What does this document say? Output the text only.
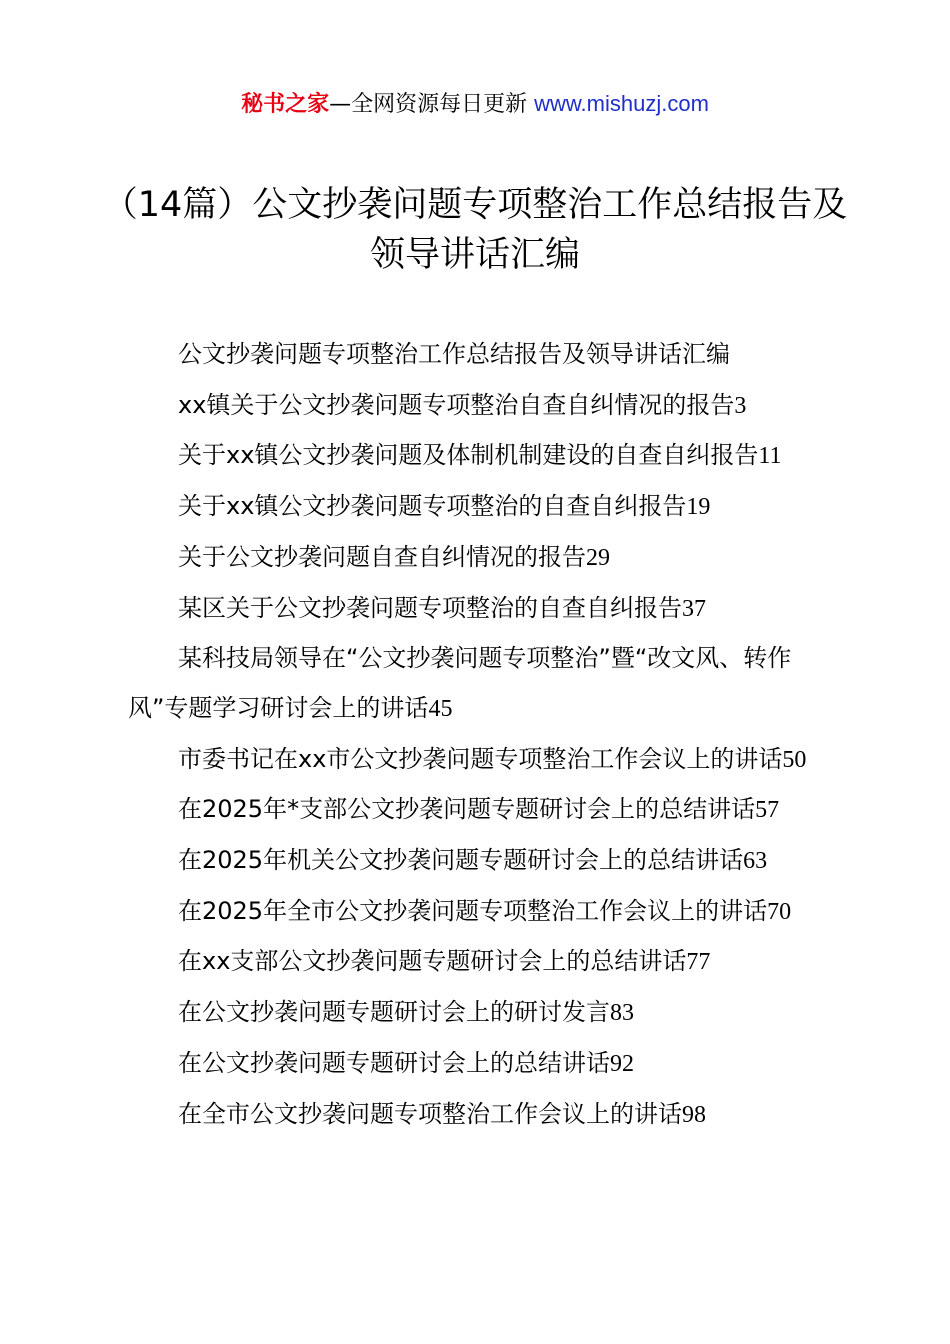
秘书之家—全网资源每日更新 www.mishuzj.com
（14篇）公文抄袭问题专项整治工作总结报告及领导讲话汇编
公文抄袭问题专项整治工作总结报告及领导讲话汇编
xx镇关于公文抄袭问题专项整治自查自纠情况的报告3
关于xx镇公文抄袭问题及体制机制建设的自查自纠报告11
关于xx镇公文抄袭问题专项整治的自查自纠报告19
关于公文抄袭问题自查自纠情况的报告29
某区关于公文抄袭问题专项整治的自查自纠报告37
某科技局领导在“公文抄袭问题专项整治”暨“改文风、转作风”专题学习研讨会上的讲话45
市委书记在xx市公文抄袭问题专项整治工作会议上的讲话50
在2025年*支部公文抄袭问题专题研讨会上的总结讲话57
在2025年机关公文抄袭问题专题研讨会上的总结讲话63
在2025年全市公文抄袭问题专项整治工作会议上的讲话70
在xx支部公文抄袭问题专题研讨会上的总结讲话77
在公文抄袭问题专题研讨会上的研讨发言83
在公文抄袭问题专题研讨会上的总结讲话92
在全市公文抄袭问题专项整治工作会议上的讲话98
